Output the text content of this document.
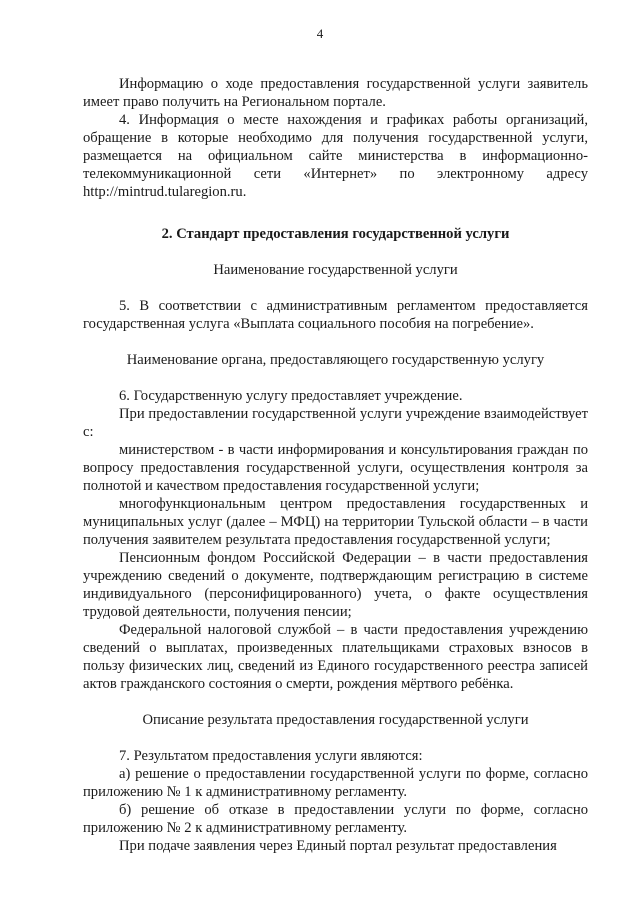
4

Информацию о ходе предоставления государственной услуги заявитель имеет право получить на Региональном портале.

4. Информация о месте нахождения и графиках работы организаций, обращение в которые необходимо для получения государственной услуги, размещается на официальном сайте министерства в информационно-телекоммуникационной сети «Интернет» по электронному адресу http://mintrud.tularegion.ru.

2. Стандарт предоставления государственной услуги

Наименование государственной услуги

5. В соответствии с административным регламентом предоставляется государственная услуга «Выплата социального пособия на погребение».

Наименование органа, предоставляющего государственную услугу

6. Государственную услугу предоставляет учреждение.

При предоставлении государственной услуги учреждение взаимодействует с:

министерством - в части информирования и консультирования граждан по вопросу предоставления государственной услуги, осуществления контроля за полнотой и качеством предоставления государственной услуги;

многофункциональным центром предоставления государственных и муниципальных услуг (далее – МФЦ) на территории Тульской области – в части получения заявителем результата предоставления государственной услуги;

Пенсионным фондом Российской Федерации – в части предоставления учреждению сведений о документе, подтверждающим регистрацию в системе индивидуального (персонифицированного) учета, о факте осуществления трудовой деятельности, получения пенсии;

Федеральной налоговой службой – в части предоставления учреждению сведений о выплатах, произведенных плательщиками страховых взносов в пользу физических лиц, сведений из Единого государственного реестра записей актов гражданского состояния о смерти, рождения мёртвого ребёнка.

Описание результата предоставления государственной услуги

7. Результатом предоставления услуги являются:

а) решение о предоставлении государственной услуги по форме, согласно приложению № 1 к административному регламенту.

б) решение об отказе в предоставлении услуги по форме, согласно приложению № 2 к административному регламенту.

При подаче заявления через Единый портал результат предоставления
